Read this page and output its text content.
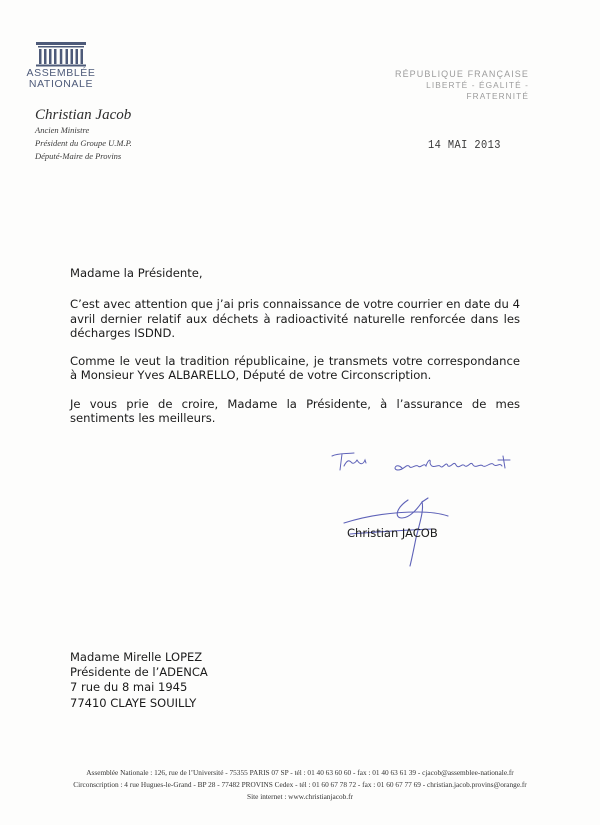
ASSEMBLÉE
NATIONALE
RÉPUBLIQUE FRANÇAISE
LIBERTÉ - ÉGALITÉ - FRATERNITÉ
Christian Jacob
Ancien Ministre
Président du Groupe U.M.P.
Député-Maire de Provins
14 MAI 2013

Madame la Présidente,

C’est avec attention que j’ai pris connaissance de votre courrier en date du 4 avril dernier relatif aux déchets à radioactivité naturelle renforcée dans les décharges ISDND.

Comme le veut la tradition républicaine, je transmets votre correspondance à Monsieur Yves ALBARELLO, Député de votre Circonscription.

Je vous prie de croire, Madame la Présidente, à l’assurance de mes sentiments les meilleurs.

Christian JACOB
Madame Mirelle LOPEZ
Présidente de l’ADENCA
7 rue du 8 mai 1945
77410 CLAYE SOUILLY
Assemblée Nationale : 126, rue de l’Université - 75355 PARIS 07 SP - tél : 01 40 63 60 60 - fax : 01 40 63 61 39 - cjacob@assemblee-nationale.fr
Circonscription : 4 rue Hugues-le-Grand - BP 28 - 77482 PROVINS Cedex - tél : 01 60 67 78 72 - fax : 01 60 67 77 69 - christian.jacob.provins@orange.fr
Site internet : www.christianjacob.fr
